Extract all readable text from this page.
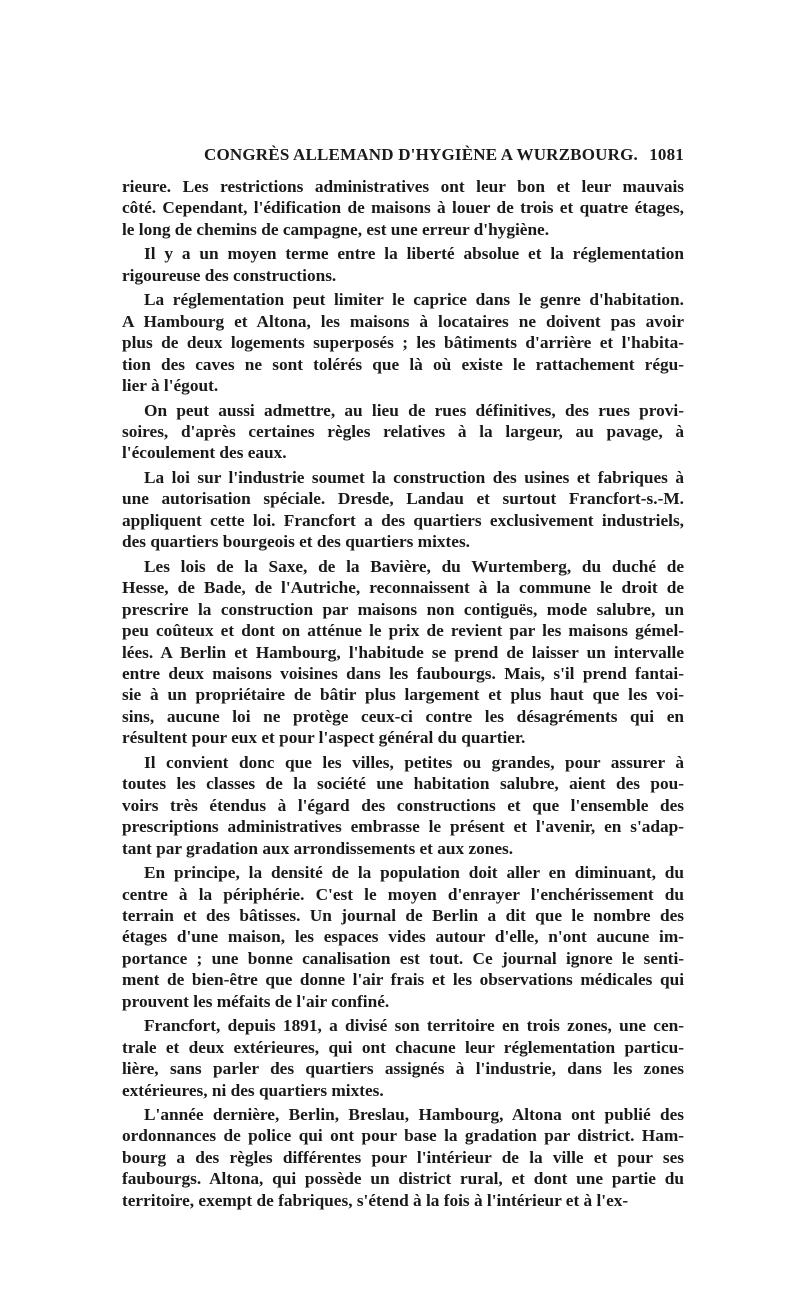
CONGRÈS ALLEMAND D'HYGIÈNE A WURZBOURG. 1081
rieure. Les restrictions administratives ont leur bon et leur mauvais
côté. Cependant, l'édification de maisons à louer de trois et quatre étages,
le long de chemins de campagne, est une erreur d'hygiène.
Il y a un moyen terme entre la liberté absolue et la réglementation
rigoureuse des constructions.
La réglementation peut limiter le caprice dans le genre d'habitation.
A Hambourg et Altona, les maisons à locataires ne doivent pas avoir
plus de deux logements superposés ; les bâtiments d'arrière et l'habita-
tion des caves ne sont tolérés que là où existe le rattachement régu-
lier à l'égout.
On peut aussi admettre, au lieu de rues définitives, des rues provi-
soires, d'après certaines règles relatives à la largeur, au pavage, à
l'écoulement des eaux.
La loi sur l'industrie soumet la construction des usines et fabriques à
une autorisation spéciale. Dresde, Landau et surtout Francfort-s.-M.
appliquent cette loi. Francfort a des quartiers exclusivement industriels,
des quartiers bourgeois et des quartiers mixtes.
Les lois de la Saxe, de la Bavière, du Wurtemberg, du duché de
Hesse, de Bade, de l'Autriche, reconnaissent à la commune le droit de
prescrire la construction par maisons non contiguës, mode salubre, un
peu coûteux et dont on atténue le prix de revient par les maisons gémel-
lées. A Berlin et Hambourg, l'habitude se prend de laisser un intervalle
entre deux maisons voisines dans les faubourgs. Mais, s'il prend fantai-
sie à un propriétaire de bâtir plus largement et plus haut que les voi-
sins, aucune loi ne protège ceux-ci contre les désagréments qui en
résultent pour eux et pour l'aspect général du quartier.
Il convient donc que les villes, petites ou grandes, pour assurer à
toutes les classes de la société une habitation salubre, aient des pou-
voirs très étendus à l'égard des constructions et que l'ensemble des
prescriptions administratives embrasse le présent et l'avenir, en s'adap-
tant par gradation aux arrondissements et aux zones.
En principe, la densité de la population doit aller en diminuant, du
centre à la périphérie. C'est le moyen d'enrayer l'enchérissement du
terrain et des bâtisses. Un journal de Berlin a dit que le nombre des
étages d'une maison, les espaces vides autour d'elle, n'ont aucune im-
portance ; une bonne canalisation est tout. Ce journal ignore le senti-
ment de bien-être que donne l'air frais et les observations médicales qui
prouvent les méfaits de l'air confiné.
Francfort, depuis 1891, a divisé son territoire en trois zones, une cen-
trale et deux extérieures, qui ont chacune leur réglementation particu-
lière, sans parler des quartiers assignés à l'industrie, dans les zones
extérieures, ni des quartiers mixtes.
L'année dernière, Berlin, Breslau, Hambourg, Altona ont publié des
ordonnances de police qui ont pour base la gradation par district. Ham-
bourg a des règles différentes pour l'intérieur de la ville et pour ses
faubourgs. Altona, qui possède un district rural, et dont une partie du
territoire, exempt de fabriques, s'étend à la fois à l'intérieur et à l'ex-
